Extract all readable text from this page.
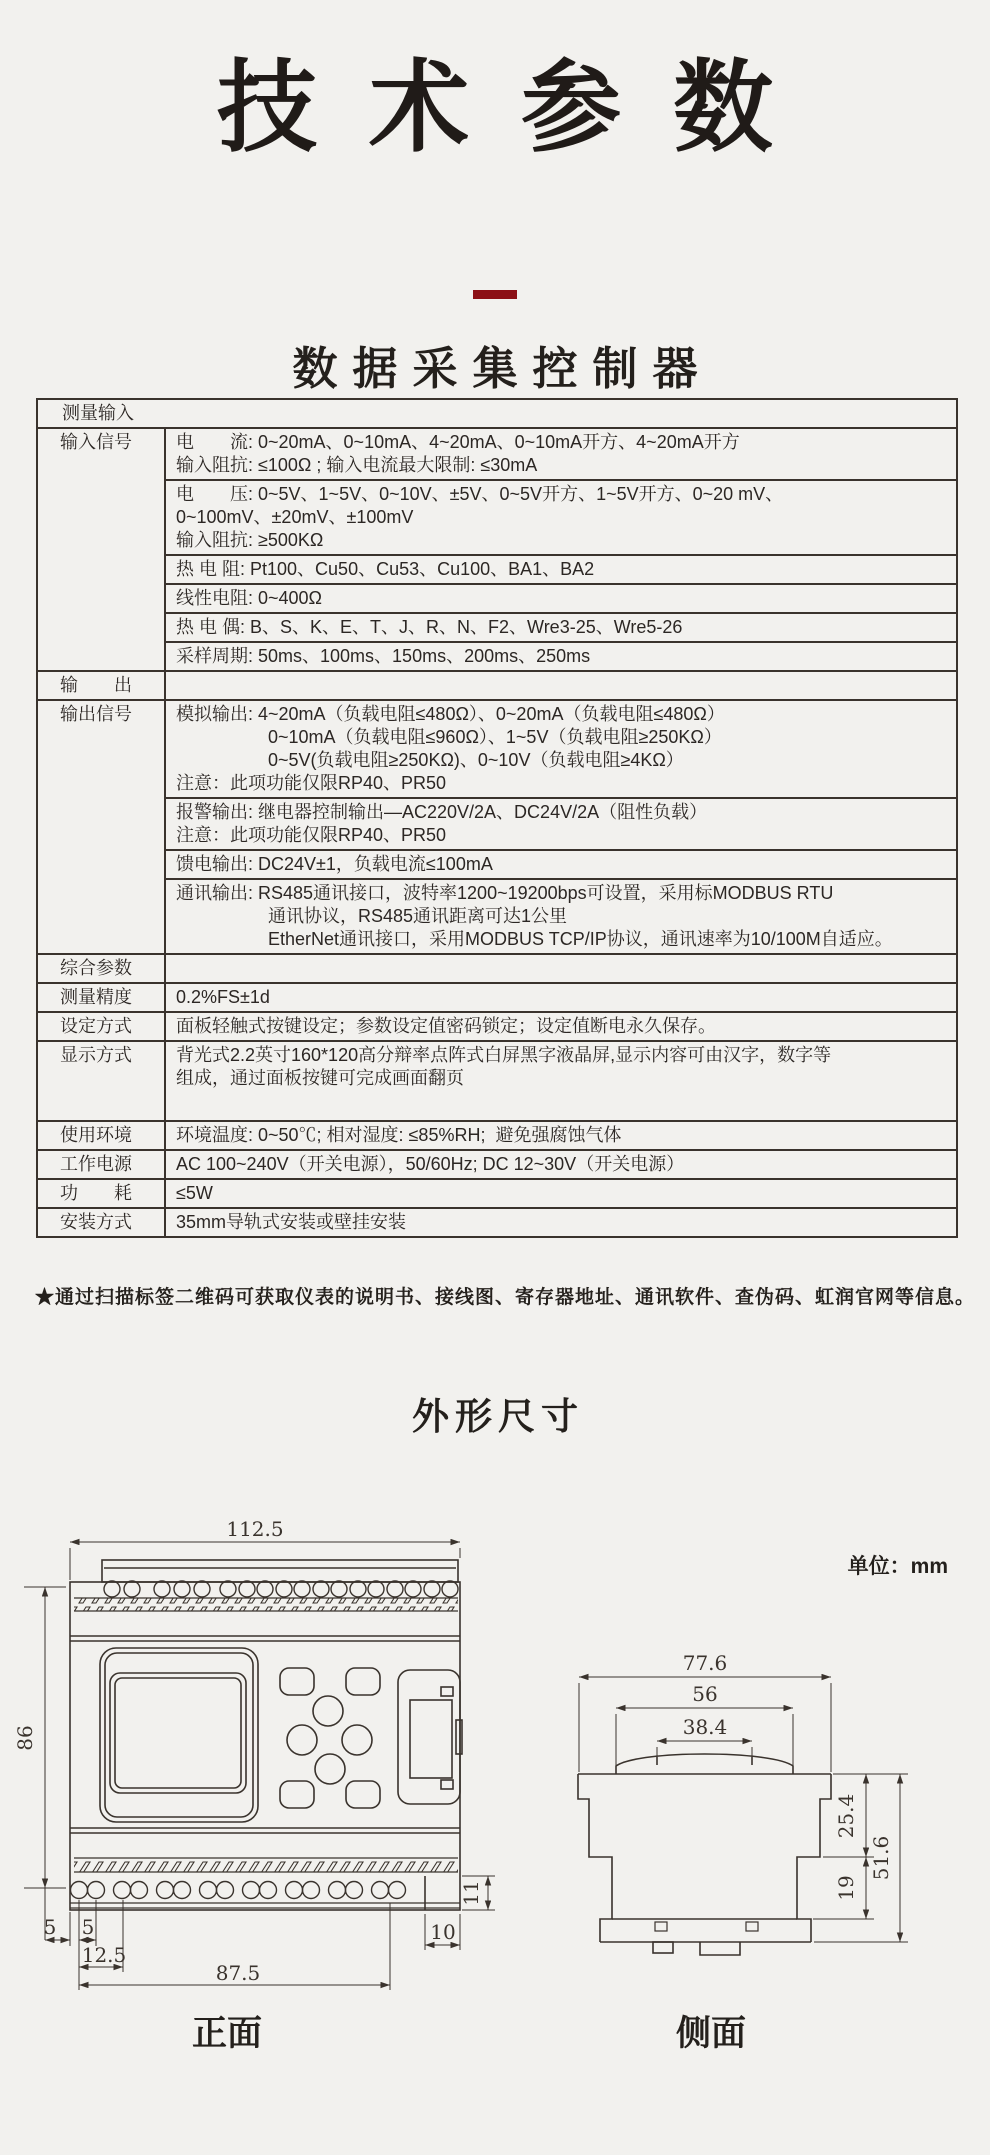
技术参数
数据采集控制器
测量输入
输入信号	电　　流: 0~20mA、0~10mA、4~20mA、0~10mA开方、4~20mA开方
输入阻抗: ≤100Ω ; 输入电流最大限制: ≤30mA
电　　压: 0~5V、1~5V、0~10V、±5V、0~5V开方、1~5V开方、0~20 mV、
0~100mV、±20mV、±100mV
输入阻抗: ≥500KΩ
热 电 阻: Pt100、Cu50、Cu53、Cu100、BA1、BA2
线性电阻: 0~400Ω
热 电 偶: B、S、K、E、T、J、R、N、F2、Wre3-25、Wre5-26
采样周期: 50ms、100ms、150ms、200ms、250ms
输　　出
输出信号	模拟输出: 4~20mA（负载电阻≤480Ω）、0~20mA（负载电阻≤480Ω）
0~10mA（负载电阻≤960Ω）、1~5V（负载电阻≥250KΩ）
0~5V(负载电阻≥250KΩ)、0~10V（负载电阻≥4KΩ）
注意：此项功能仅限RP40、PR50
报警输出: 继电器控制输出—AC220V/2A、DC24V/2A（阻性负载）
注意：此项功能仅限RP40、PR50
馈电输出: DC24V±1，负载电流≤100mA
通讯输出: RS485通讯接口，波特率1200~19200bps可设置，采用标MODBUS RTU
通讯协议，RS485通讯距离可达1公里
EtherNet通讯接口，采用MODBUS TCP/IP协议，通讯速率为10/100M自适应。
综合参数
测量精度	0.2%FS±1d
设定方式	面板轻触式按键设定；参数设定值密码锁定；设定值断电永久保存。
显示方式	背光式2.2英寸160*120高分辩率点阵式白屏黑字液晶屏,显示内容可由汉字，数字等
组成，通过面板按键可完成画面翻页
使用环境	环境温度: 0~50℃; 相对湿度: ≤85%RH;  避免强腐蚀气体
工作电源	AC 100~240V（开关电源），50/60Hz; DC 12~30V（开关电源）
功　　耗	≤5W
安装方式	35mm导轨式安装或壁挂安装
★通过扫描标签二维码可获取仪表的说明书、接线图、寄存器地址、通讯软件、查伪码、虹润官网等信息。
外形尺寸
单位：mm
112.5
86
5 5
12.5
87.5
10
11
77.6
56
38.4
25.4
19
51.6
正面	侧面
